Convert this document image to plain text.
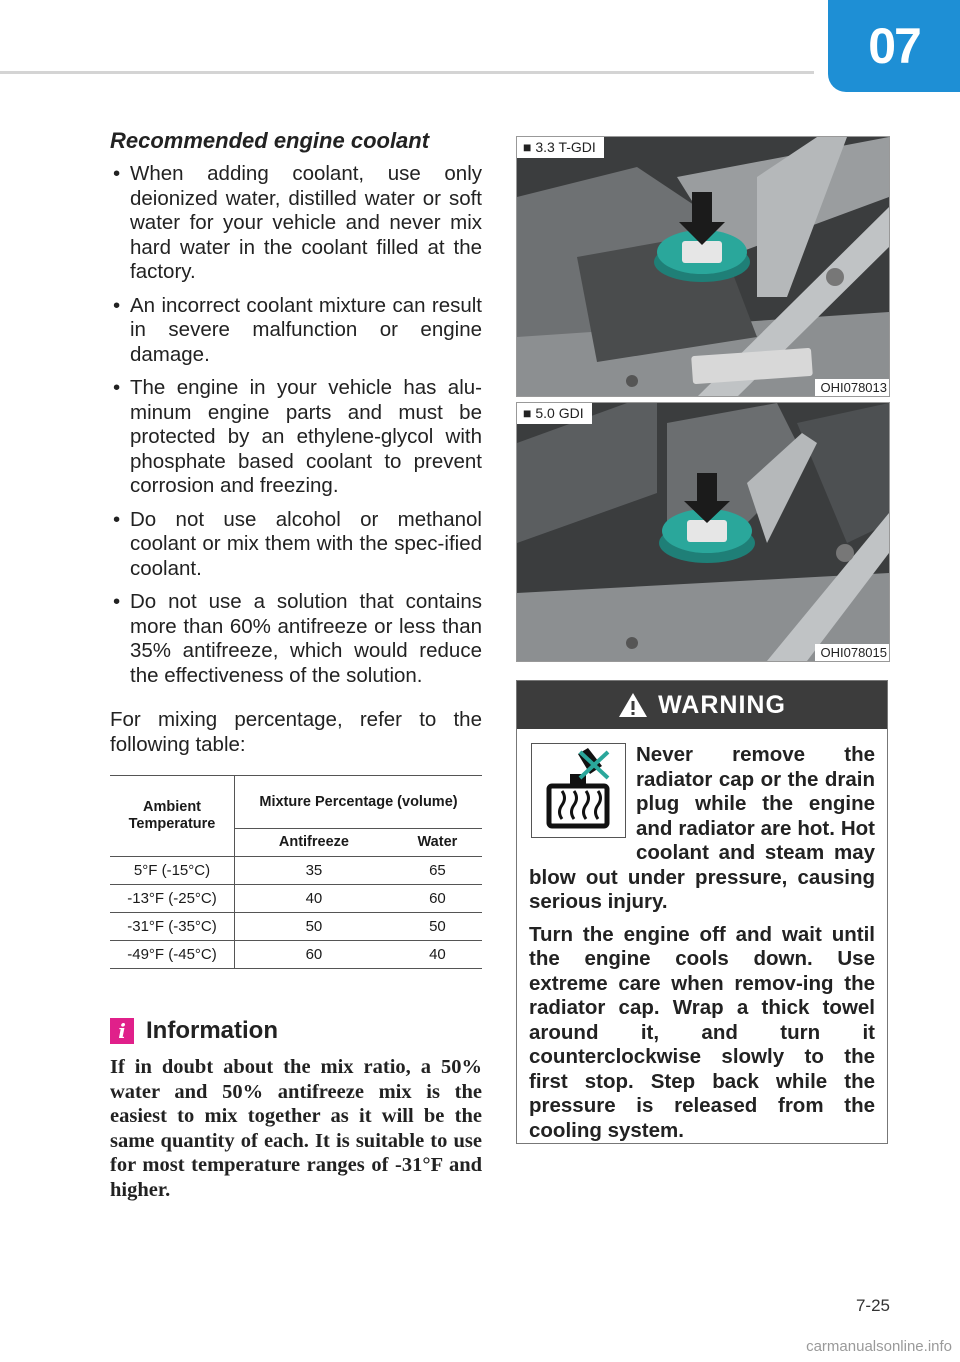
07
Recommended engine coolant
• When adding coolant, use only deionized water, distilled water or soft water for your vehicle and never mix hard water in the coolant filled at the factory.
• An incorrect coolant mixture can result in severe malfunction or engine damage.
• The engine in your vehicle has alu-minum engine parts and must be protected by an ethylene-glycol with phosphate based coolant to prevent corrosion and freezing.
• Do not use alcohol or methanol coolant or mix them with the spec-ified coolant.
• Do not use a solution that contains more than 60% antifreeze or less than 35% antifreeze, which would reduce the effectiveness of the solution.

For mixing percentage, refer to the following table:

Ambient Temperature	Mixture Percentage (volume)	
	Antifreeze	Water
5°F (-15°C)	35	65
-13°F (-25°C)	40	60
-31°F (-35°C)	50	50
-49°F (-45°C)	60	40
i Information

If in doubt about the mix ratio, a 50% water and 50% antifreeze mix is the easiest to mix together as it will be the same quantity of each. It is suitable to use for most temperature ranges of -31°F and higher.

■ 3.3 T-GDI
OHI078013
■ 5.0 GDI
OHI078015
WARNING

Never remove the radiator cap or the drain plug while the engine and radiator are hot. Hot coolant and steam may blow out under pressure, causing serious injury.

Turn the engine off and wait until the engine cools down. Use extreme care when remov-ing the radiator cap. Wrap a thick towel around it, and turn it counterclockwise slowly to the first stop. Step back while the pressure is released from the cooling system.

7-25
carmanualsonline.info
